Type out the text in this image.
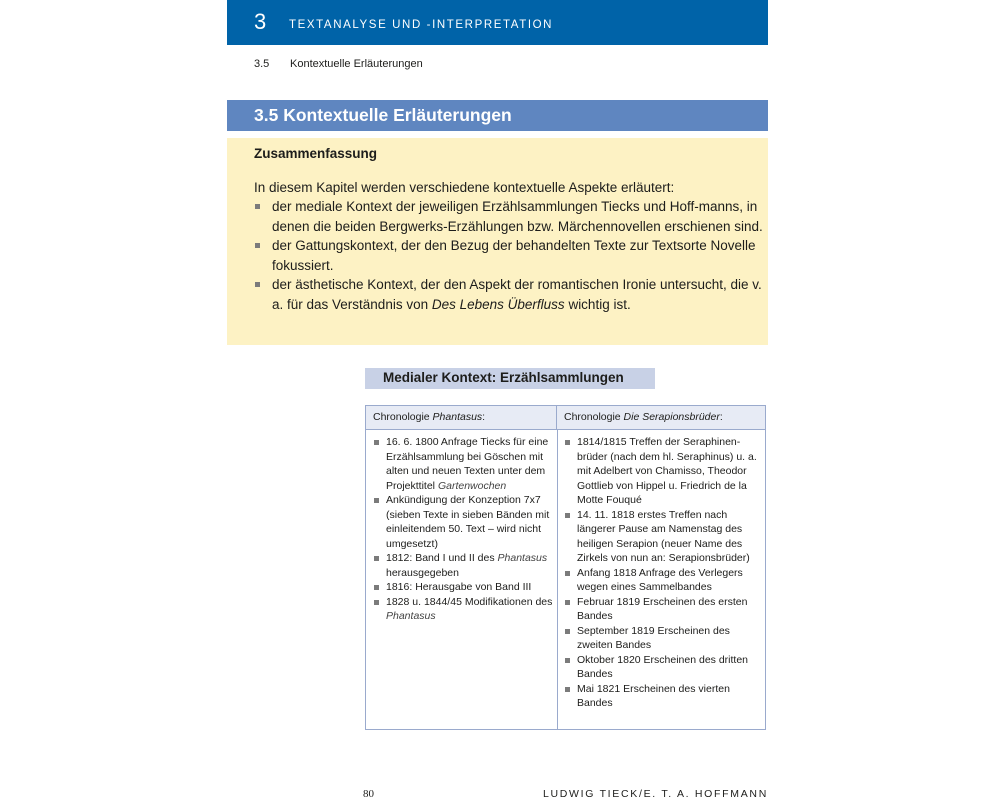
3 TEXTANALYSE UND -INTERPRETATION
3.5 Kontextuelle Erläuterungen
3.5 Kontextuelle Erläuterungen
Zusammenfassung
In diesem Kapitel werden verschiedene kontextuelle Aspekte erläutert:
der mediale Kontext der jeweiligen Erzählsammlungen Tiecks und Hoff-manns, in denen die beiden Bergwerks-Erzählungen bzw. Märchennovellen erschienen sind.
der Gattungskontext, der den Bezug der behandelten Texte zur Textsorte Novelle fokussiert.
der ästhetische Kontext, der den Aspekt der romantischen Ironie untersucht, die v. a. für das Verständnis von Des Lebens Überfluss wichtig ist.
Medialer Kontext: Erzählsammlungen
Chronologie Phantasus:	Chronologie Die Serapionsbrüder:
16. 6. 1800 Anfrage Tiecks für eine Erzählsammlung bei Göschen mit alten und neuen Texten unter dem Projekttitel Gartenwochen
Ankündigung der Konzeption 7x7 (sieben Texte in sieben Bänden mit einleitendem 50. Text – wird nicht umgesetzt)
1812: Band I und II des Phantasus herausgegeben
1816: Herausgabe von Band III
1828 u. 1844/45 Modifikationen des Phantasus
1814/1815 Treffen der Seraphinenbrüder (nach dem hl. Seraphinus) u. a. mit Adelbert von Chamisso, Theodor Gottlieb von Hippel u. Friedrich de la Motte Fouqué
14. 11. 1818 erstes Treffen nach längerer Pause am Namenstag des heiligen Serapion (neuer Name des Zirkels von nun an: Serapionsbrüder)
Anfang 1818 Anfrage des Verlegers wegen eines Sammelbandes
Februar 1819 Erscheinen des ersten Bandes
September 1819 Erscheinen des zweiten Bandes
Oktober 1820 Erscheinen des dritten Bandes
Mai 1821 Erscheinen des vierten Bandes
80	LUDWIG TIECK/E. T. A. HOFFMANN
